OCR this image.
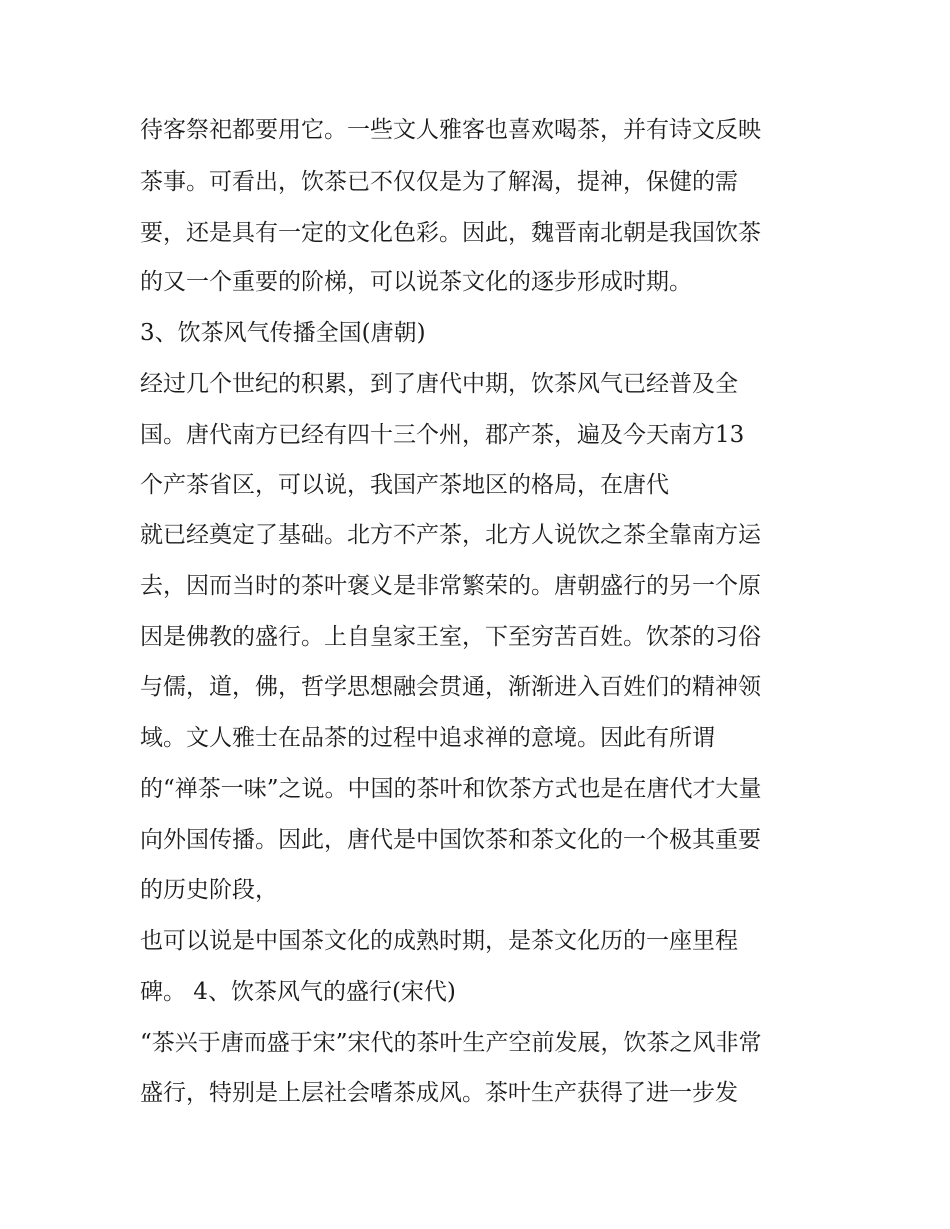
待客祭祀都要用它。一些文人雅客也喜欢喝茶，并有诗文反映
茶事。可看出，饮茶已不仅仅是为了解渴，提神，保健的需
要，还是具有一定的文化色彩。因此，魏晋南北朝是我国饮茶
的又一个重要的阶梯，可以说茶文化的逐步形成时期。
3、饮茶风气传播全国(唐朝)
经过几个世纪的积累，到了唐代中期，饮茶风气已经普及全
国。唐代南方已经有四十三个州，郡产茶，遍及今天南方13
个产茶省区，可以说，我国产茶地区的格局，在唐代
就已经奠定了基础。北方不产茶，北方人说饮之茶全靠南方运
去，因而当时的茶叶褒义是非常繁荣的。唐朝盛行的另一个原
因是佛教的盛行。上自皇家王室，下至穷苦百姓。饮茶的习俗
与儒，道，佛，哲学思想融会贯通，渐渐进入百姓们的精神领
域。文人雅士在品茶的过程中追求禅的意境。因此有所谓
的“禅茶一味”之说。中国的茶叶和饮茶方式也是在唐代才大量
向外国传播。因此，唐代是中国饮茶和茶文化的一个极其重要
的历史阶段，
也可以说是中国茶文化的成熟时期，是茶文化历的一座里程
碑。 4、饮茶风气的盛行(宋代)
“茶兴于唐而盛于宋”宋代的茶叶生产空前发展，饮茶之风非常
盛行，特别是上层社会嗜茶成风。茶叶生产获得了进一步发
